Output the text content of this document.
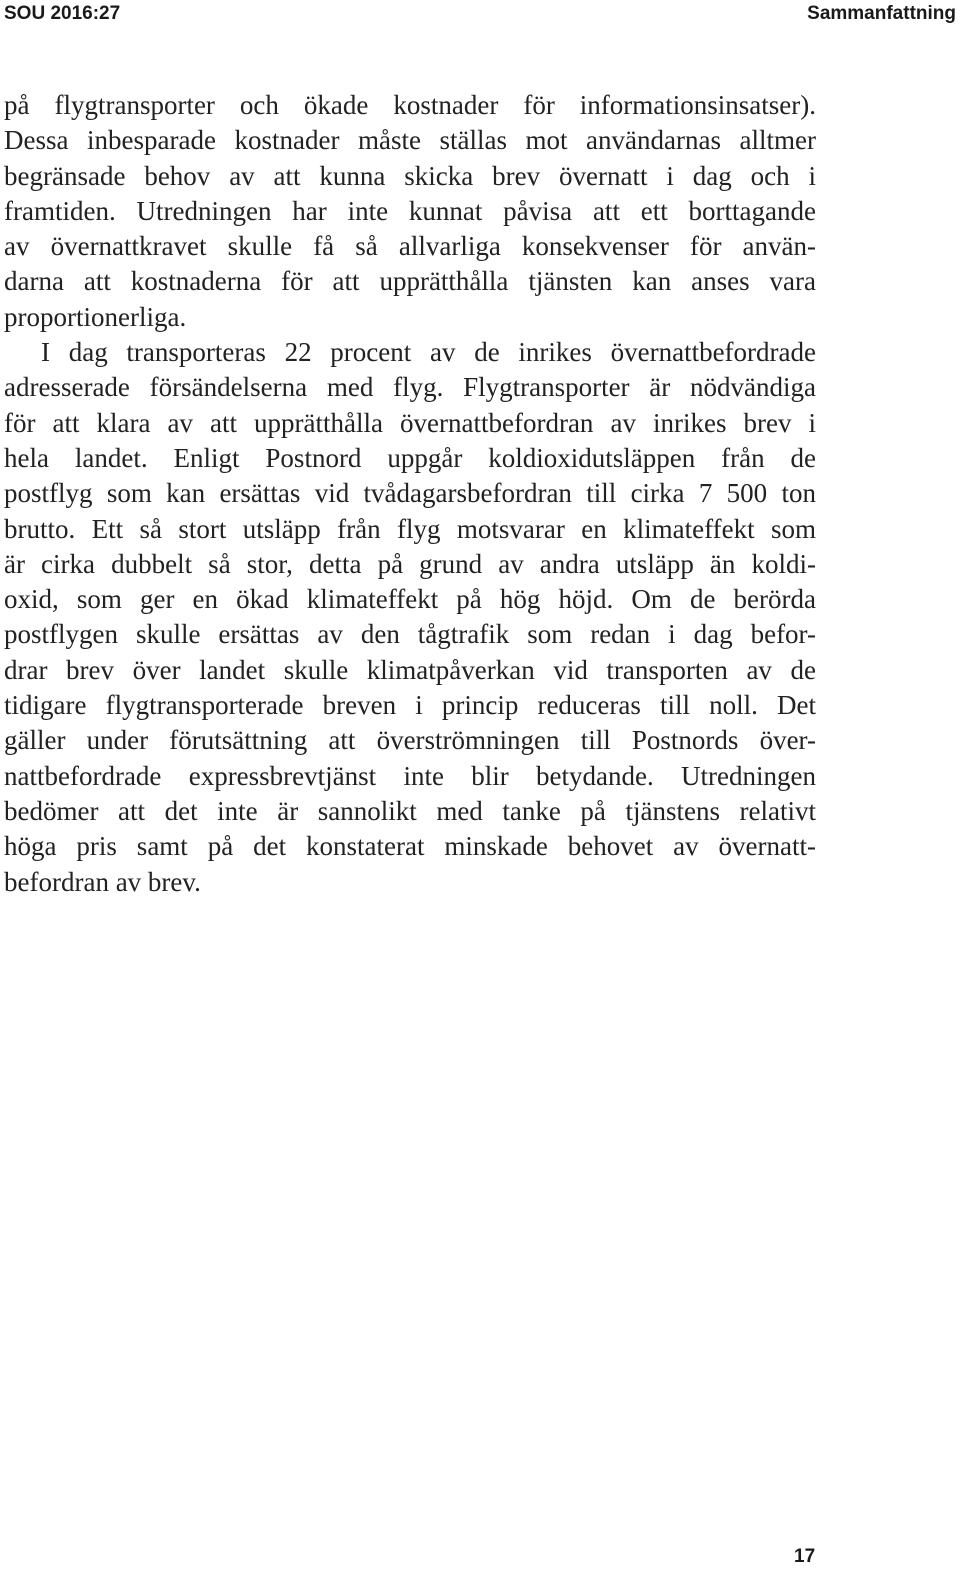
SOU 2016:27	Sammanfattning
på flygtransporter och ökade kostnader för informationsinsatser).
Dessa inbesparade kostnader måste ställas mot användarnas alltmer
begränsade behov av att kunna skicka brev övernatt i dag och i
framtiden. Utredningen har inte kunnat påvisa att ett borttagande
av övernattkravet skulle få så allvarliga konsekvenser för använ-
darna att kostnaderna för att upprätthålla tjänsten kan anses vara
proportionerliga.
I dag transporteras 22 procent av de inrikes övernattbefordrade
adresserade försändelserna med flyg. Flygtransporter är nödvändiga
för att klara av att upprätthålla övernattbefordran av inrikes brev i
hela landet. Enligt Postnord uppgår koldioxidutsläppen från de
postflyg som kan ersättas vid tvådagarsbefordran till cirka 7 500 ton
brutto. Ett så stort utsläpp från flyg motsvarar en klimateffekt som
är cirka dubbelt så stor, detta på grund av andra utsläpp än koldi-
oxid, som ger en ökad klimateffekt på hög höjd. Om de berörda
postflygen skulle ersättas av den tågtrafik som redan i dag befor-
drar brev över landet skulle klimatpåverkan vid transporten av de
tidigare flygtransporterade breven i princip reduceras till noll. Det
gäller under förutsättning att överströmningen till Postnords över-
nattbefordrade expressbrevtjänst inte blir betydande. Utredningen
bedömer att det inte är sannolikt med tanke på tjänstens relativt
höga pris samt på det konstaterat minskade behovet av övernatt-
befordran av brev.
17
